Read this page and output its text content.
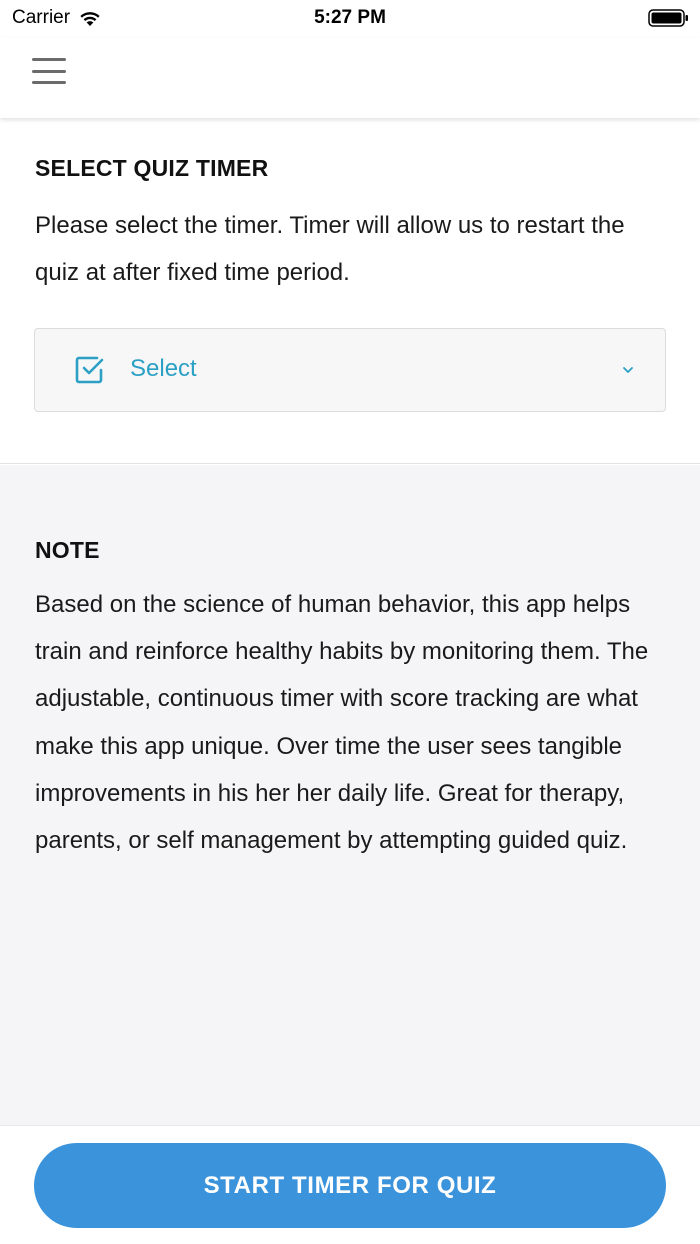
Carrier	5:27 PM
SELECT QUIZ TIMER
Please select the timer. Timer will allow us to restart the quiz at after fixed time period.
Select
NOTE
Based on the science of human behavior, this app helps train and reinforce healthy habits by monitoring them. The adjustable, continuous timer with score tracking are what make this app unique. Over time the user sees tangible improvements in his her her daily life. Great for therapy, parents, or self management by attempting guided quiz.
START TIMER FOR QUIZ
